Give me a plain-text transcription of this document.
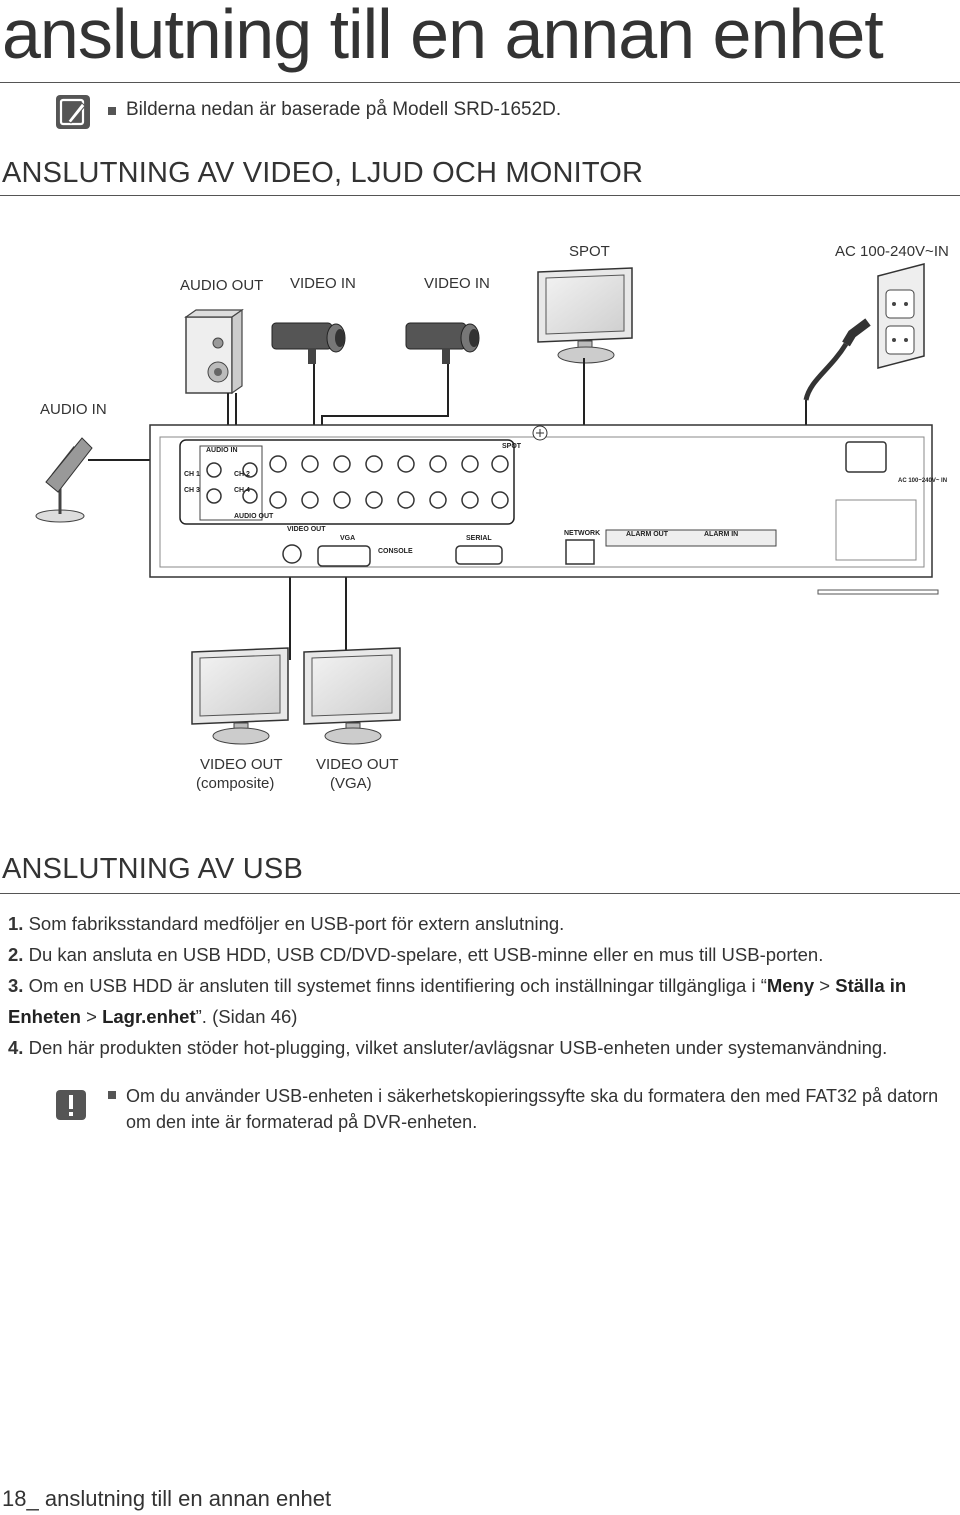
anslutning till en annan enhet
Bilderna nedan är baserade på Modell SRD-1652D.
ANSLUTNING AV VIDEO, LJUD OCH MONITOR
SPOT	AC 100-240V~IN
AUDIO OUT VIDEO IN	VIDEO IN
AUDIO IN
AUDIO IN
AUDIO OUT
CH 1	CH 2
CH 3	CH 4
SPOT
VIDEO OUT
VGA
CONSOLE
SERIAL
NETWORK	ALARM OUT	ALARM IN
AC 100~240V~ IN
VIDEO OUT
(composite)
VIDEO OUT
(VGA)
ANSLUTNING AV USB

1. Som fabriksstandard medföljer en USB-port för extern anslutning.

2. Du kan ansluta en USB HDD, USB CD/DVD-spelare, ett USB-minne eller en mus till USB-porten.

3. Om en USB HDD är ansluten till systemet finns identifiering och inställningar tillgängliga i “Meny > Ställa in Enheten > Lagr.enhet”. (Sidan 46)

4. Den här produkten stöder hot-plugging, vilket ansluter/avlägsnar USB-enheten under systemanvändning.

Om du använder USB-enheten i säkerhetskopieringssyfte ska du formatera den med FAT32 på datorn om den inte är formaterad på DVR-enheten.
18_ anslutning till en annan enhet
